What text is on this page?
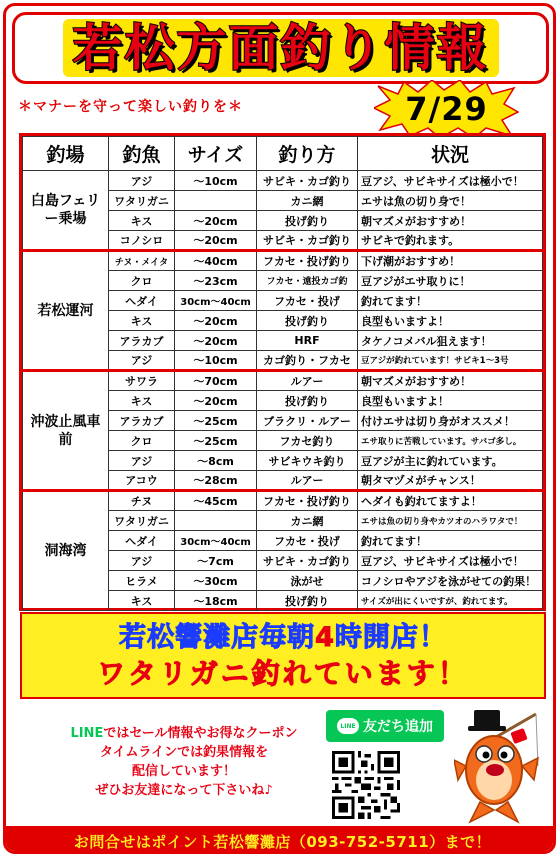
若松方面釣り情報
＊マナーを守って楽しい釣りを＊	7/29
釣場	釣魚	サイズ	釣り方	状況
白島フェリー乗場	アジ	～10cm	サビキ・カゴ釣り	豆アジ、サビキサイズは極小で！
	ワタリガニ		カニ網	エサは魚の切り身で！
	キス	～20cm	投げ釣り	朝マズメがおすすめ！
	コノシロ	～20cm	サビキ・カゴ釣り	サビキで釣れます。
若松運河	チヌ・メイタ	～40cm	フカセ・投げ釣り	下げ潮がおすすめ！
	クロ	～23cm	フカセ・遠投カゴ釣	豆アジがエサ取りに！
	ヘダイ	30cm～40cm	フカセ・投げ	釣れてます！
	キス	～20cm	投げ釣り	良型もいますよ！
	アラカブ	～20cm	HRF	タケノコメバル狙えます！
	アジ	～10cm	カゴ釣り・フカセ	豆アジが釣れています！サビキ1～3号
沖波止風車前	サワラ	～70cm	ルアー	朝マズメがおすすめ！
	キス	～20cm	投げ釣り	良型もいますよ！
	アラカブ	～25cm	ブラクリ・ルアー	付けエサは切り身がオススメ！
	クロ	～25cm	フカセ釣り	エサ取りに苦戦しています。サバゴ多し。
	アジ	～8cm	サビキウキ釣り	豆アジが主に釣れています。
	アコウ	～28cm	ルアー	朝タマヅメがチャンス！
洞海湾	チヌ	～45cm	フカセ・投げ釣り	ヘダイも釣れてますよ！
	ワタリガニ		カニ網	エサは魚の切り身やカツオのハラワタで！
	ヘダイ	30cm～40cm	フカセ・投げ	釣れてます！
	アジ	～7cm	サビキ・カゴ釣り	豆アジ、サビキサイズは極小で！
	ヒラメ	～30cm	泳がせ	コノシロやアジを泳がせての釣果！
	キス	～18cm	投げ釣り	サイズが出にくいですが、釣れてます。
若松響灘店毎朝4時開店！
ワタリガニ釣れています！
LINEではセール情報やお得なクーポン
タイムラインでは釣果情報を
配信しています！
ぜひお友達になって下さいね♪
LINE 友だち追加
お問合せはポイント若松響灘店（093-752-5711）まで！
